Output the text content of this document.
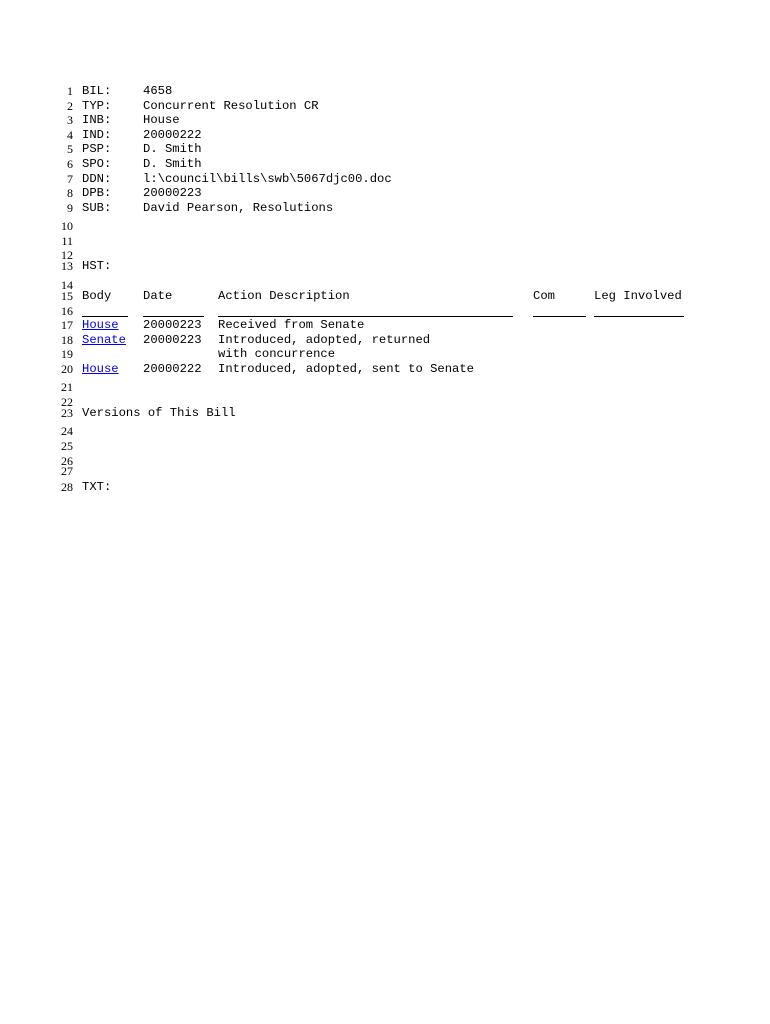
1
2
3
4
5
6
7
8
9
10
11
12
13
14
15
16
17
18
19
20
21
22
23
24
25
26
27
28
BIL:	4658
TYP:	Concurrent Resolution CR
INB:	House
IND:	20000222
PSP:	D. Smith
SPO:	D. Smith
DDN:	l:\council\bills\swb\5067djc00.doc
DPB:	20000223
SUB:	David Pearson, Resolutions
HST:
Body	Date	Action Description	Com	Leg Involved
House 20000223 Received from Senate
Senate 20000223 Introduced, adopted, returned
with concurrence
House 20000222 Introduced, adopted, sent to Senate
Versions of This Bill
TXT:
